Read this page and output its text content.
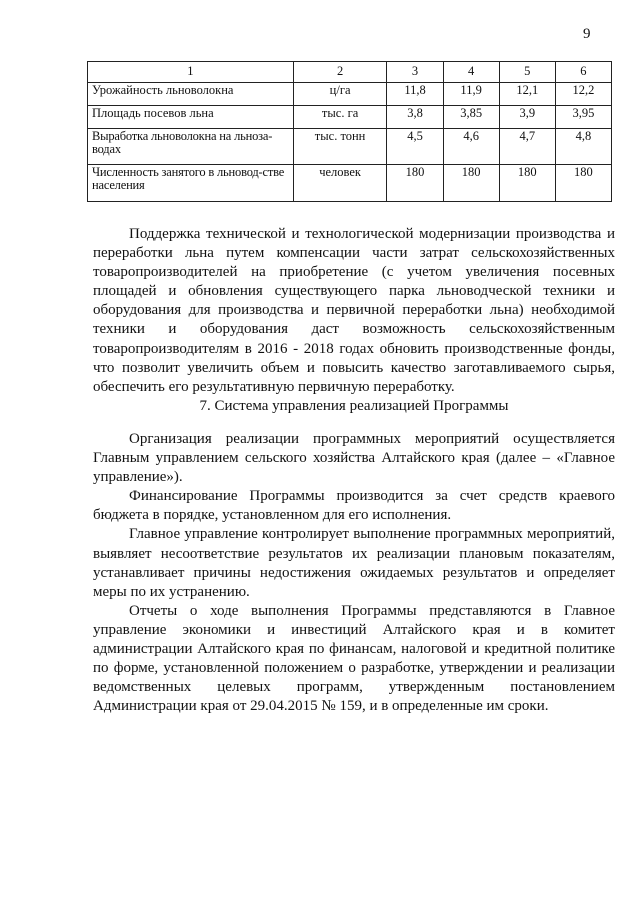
9
1	2	3	4	5	6
Урожайность льноволокна	ц/га	11,8	11,9	12,1	12,2
Площадь посевов льна	тыс. га	3,8	3,85	3,9	3,95
Выработка льноволокна на льноза-водах	тыс. тонн	4,5	4,6	4,7	4,8
Численность занятого в льновод-стве населения	человек	180	180	180	180

Поддержка технической и технологической модернизации производства и переработки льна путем компенсации части затрат сельскохозяйственных товаропроизводителей на приобретение (с учетом увеличения посевных площадей и обновления существующего парка льноводческой техники и оборудования для производства и первичной переработки льна) необходимой техники и оборудования даст возможность сельскохозяйственным товаропроизводителям в 2016 - 2018 годах обновить производственные фонды, что позволит увеличить объем и повысить качество заготавливаемого сырья, обеспечить его результативную первичную переработку.

7. Система управления реализацией Программы

Организация реализации программных мероприятий осуществляется Главным управлением сельского хозяйства Алтайского края (далее – «Главное управление»).

Финансирование Программы производится за счет средств краевого бюджета в порядке, установленном для его исполнения.

Главное управление контролирует выполнение программных мероприятий, выявляет несоответствие результатов их реализации плановым показателям, устанавливает причины недостижения ожидаемых результатов и определяет меры по их устранению.

Отчеты о ходе выполнения Программы представляются в Главное управление экономики и инвестиций Алтайского края и в комитет администрации Алтайского края по финансам, налоговой и кредитной политике по форме, установленной положением о разработке, утверждении и реализации ведомственных целевых программ, утвержденным постановлением Администрации края от 29.04.2015 № 159, и в определенные им сроки.
